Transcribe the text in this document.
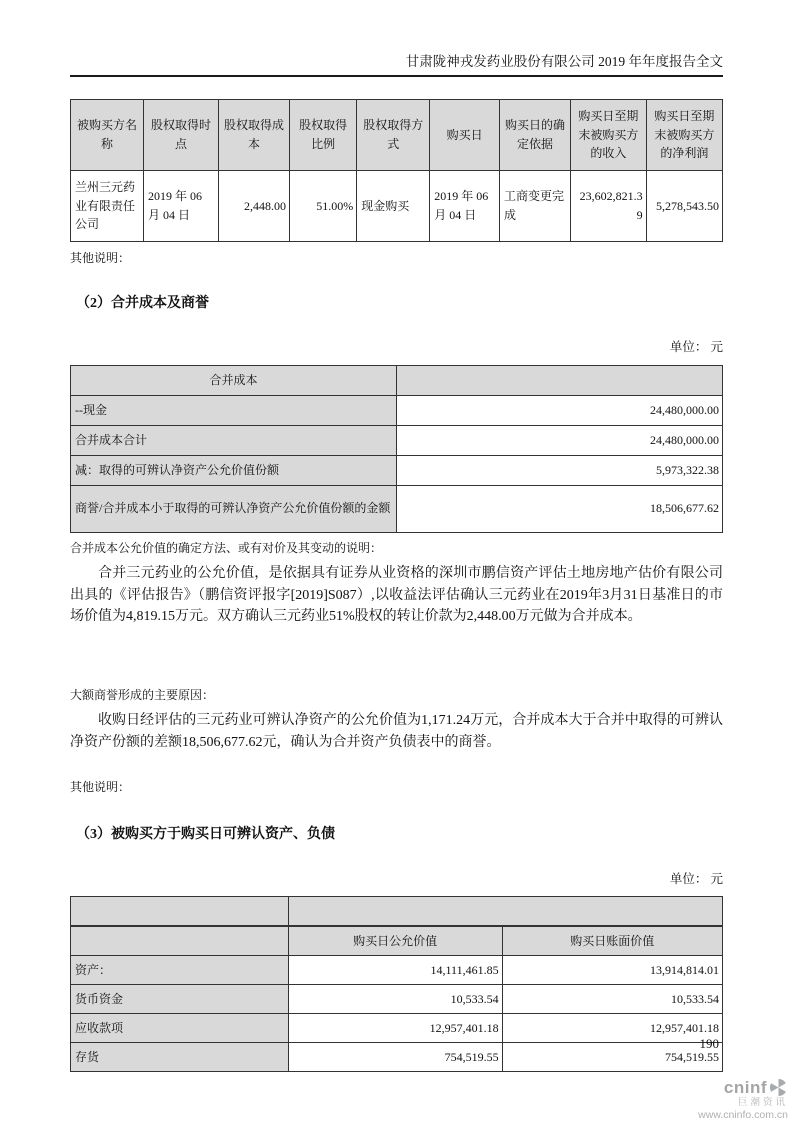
甘肃陇神戎发药业股份有限公司 2019 年年度报告全文
被购买方名称	股权取得时点	股权取得成本	股权取得比例	股权取得方式	购买日	购买日的确定依据	购买日至期末被购买方的收入	购买日至期末被购买方的净利润
兰州三元药业有限责任公司	2019 年 06 月 04 日	2,448.00	51.00%	现金购买	2019 年 06 月 04 日	工商变更完成	23,602,821.39	5,278,543.50
其他说明：
（2）合并成本及商誉
单位： 元
合并成本	
--现金	24,480,000.00
合并成本合计	24,480,000.00
减：取得的可辨认净资产公允价值份额	5,973,322.38
商誉/合并成本小于取得的可辨认净资产公允价值份额的金额	18,506,677.62
合并成本公允价值的确定方法、或有对价及其变动的说明：

合并三元药业的公允价值，是依据具有证券从业资格的深圳市鹏信资产评估土地房地产估价有限公司出具的《评估报告》（鹏信资评报字[2019]S087）,以收益法评估确认三元药业在2019年3月31日基准日的市场价值为4,819.15万元。双方确认三元药业51%股权的转让价款为2,448.00万元做为合并成本。

大额商誉形成的主要原因：

收购日经评估的三元药业可辨认净资产的公允价值为1,171.24万元，合并成本大于合并中取得的可辨认净资产份额的差额18,506,677.62元，确认为合并资产负债表中的商誉。

其他说明：
（3）被购买方于购买日可辨认资产、负债
单位： 元

	购买日公允价值	购买日账面价值
资产：	14,111,461.85	13,914,814.01
货币资金	10,533.54	10,533.54
应收款项	12,957,401.18	12,957,401.18
存货	754,519.55	754,519.55
190
cninf
巨潮资讯
www.cninfo.com.cn
